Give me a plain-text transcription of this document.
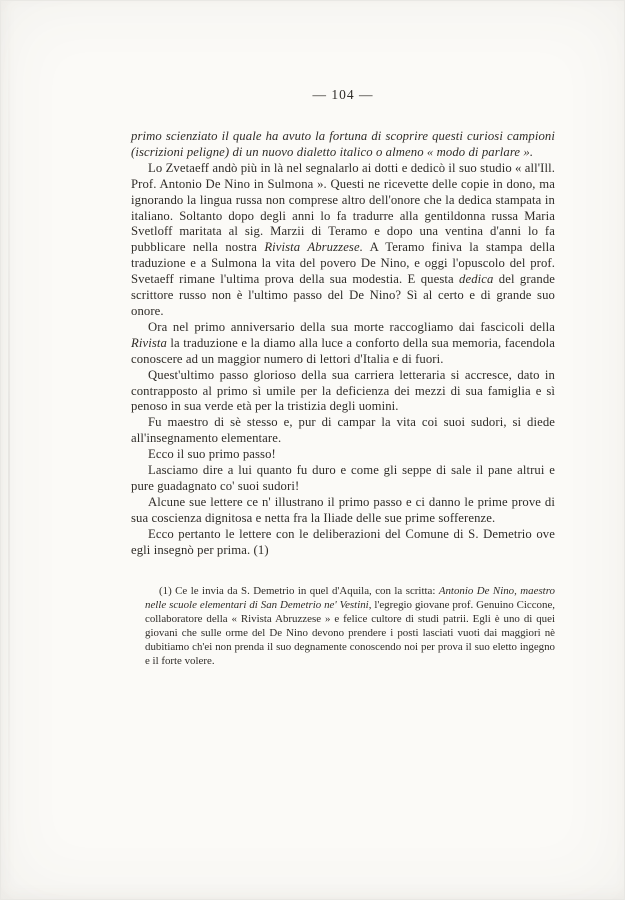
— 104 —

primo scienziato il quale ha avuto la fortuna di scoprire questi curiosi campioni (iscrizioni peligne) di un nuovo dialetto italico o almeno « modo di parlare ».

Lo Zvetaeff andò più in là nel segnalarlo ai dotti e dedicò il suo studio « all'Ill. Prof. Antonio De Nino in Sulmona ». Questi ne ricevette delle copie in dono, ma ignorando la lingua russa non comprese altro dell'onore che la dedica stampata in italiano. Soltanto dopo degli anni lo fa tradurre alla gentildonna russa Maria Svetloff maritata al sig. Marzii di Teramo e dopo una ventina d'anni lo fa pubblicare nella nostra Rivista Abruzzese. A Teramo finiva la stampa della traduzione e a Sulmona la vita del povero De Nino, e oggi l'opuscolo del prof. Svetaeff rimane l'ultima prova della sua modestia. E questa dedica del grande scrittore russo non è l'ultimo passo del De Nino? Sì al certo e di grande suo onore.

Ora nel primo anniversario della sua morte raccogliamo dai fascicoli della Rivista la traduzione e la diamo alla luce a conforto della sua memoria, facendola conoscere ad un maggior numero di lettori d'Italia e di fuori.

Quest'ultimo passo glorioso della sua carriera letteraria si accresce, dato in contrapposto al primo sì umile per la deficienza dei mezzi di sua famiglia e sì penoso in sua verde età per la tristizia degli uomini.

Fu maestro di sè stesso e, pur di campar la vita coi suoi sudori, si diede all'insegnamento elementare.

Ecco il suo primo passo!

Lasciamo dire a lui quanto fu duro e come gli seppe di sale il pane altrui e pure guadagnato co' suoi sudori!

Alcune sue lettere ce n' illustrano il primo passo e ci danno le prime prove di sua coscienza dignitosa e netta fra la Iliade delle sue prime sofferenze.

Ecco pertanto le lettere con le deliberazioni del Comune di S. Demetrio ove egli insegnò per prima. (1)

(1) Ce le invia da S. Demetrio in quel d'Aquila, con la scritta: Antonio De Nino, maestro nelle scuole elementari di San Demetrio ne' Vestini, l'egregio giovane prof. Genuino Ciccone, collaboratore della « Rivista Abruzzese » e felice cultore di studi patrii. Egli è uno di quei giovani che sulle orme del De Nino devono prendere i posti lasciati vuoti dai maggiori nè dubitiamo ch'ei non prenda il suo degnamente conoscendo noi per prova il suo eletto ingegno e il forte volere.
